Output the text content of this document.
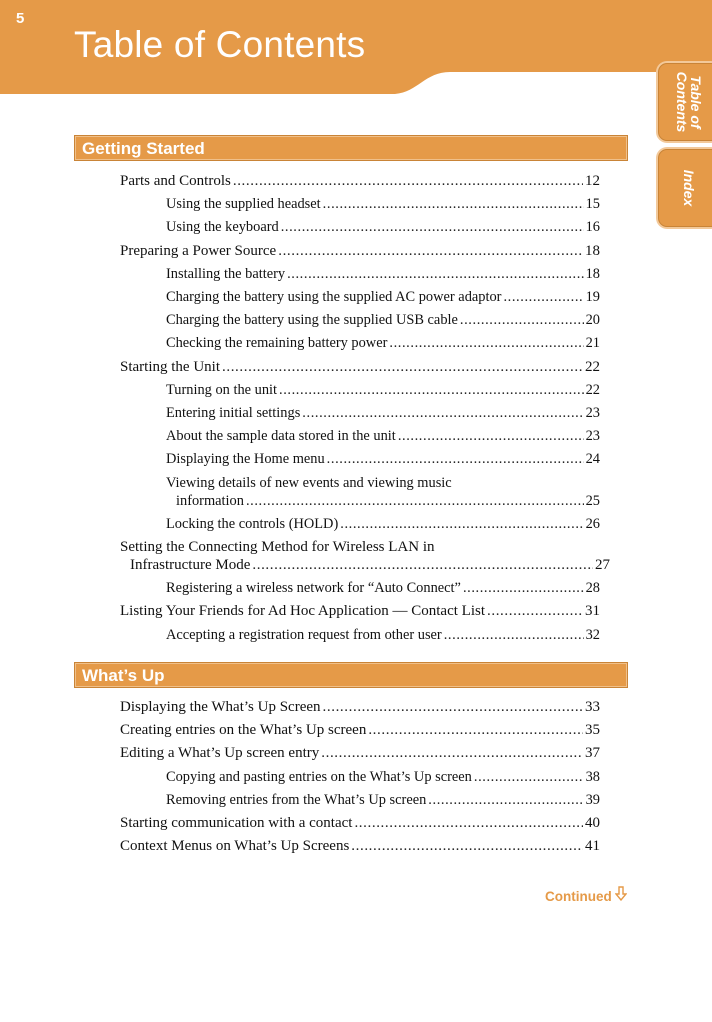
5
Table of Contents
Table of
Contents
Index
Getting Started
Parts and Controls .....	12
Using the supplied headset .....	15
Using the keyboard .....	16
Preparing a Power Source .....	18
Installing the battery .....	18
Charging the battery using the supplied AC power adaptor .....	19
Charging the battery using the supplied USB cable .....	20
Checking the remaining battery power .....	21
Starting the Unit .....	22
Turning on the unit .....	22
Entering initial settings .....	23
About the sample data stored in the unit .....	23
Displaying the Home menu .....	24
Viewing details of new events and viewing music
information .....	25
Locking the controls (HOLD) .....	26
Setting the Connecting Method for Wireless LAN in
Infrastructure Mode .....	27
Registering a wireless network for “Auto Connect” .....	28
Listing Your Friends for Ad Hoc Application — Contact List .....	31
Accepting a registration request from other user .....	32
What’s Up
Displaying the What’s Up Screen .....	33
Creating entries on the What’s Up screen .....	35
Editing a What’s Up screen entry .....	37
Copying and pasting entries on the What’s Up screen .....	38
Removing entries from the What’s Up screen .....	39
Starting communication with a contact .....	40
Context Menus on What’s Up Screens .....	41
Continued
